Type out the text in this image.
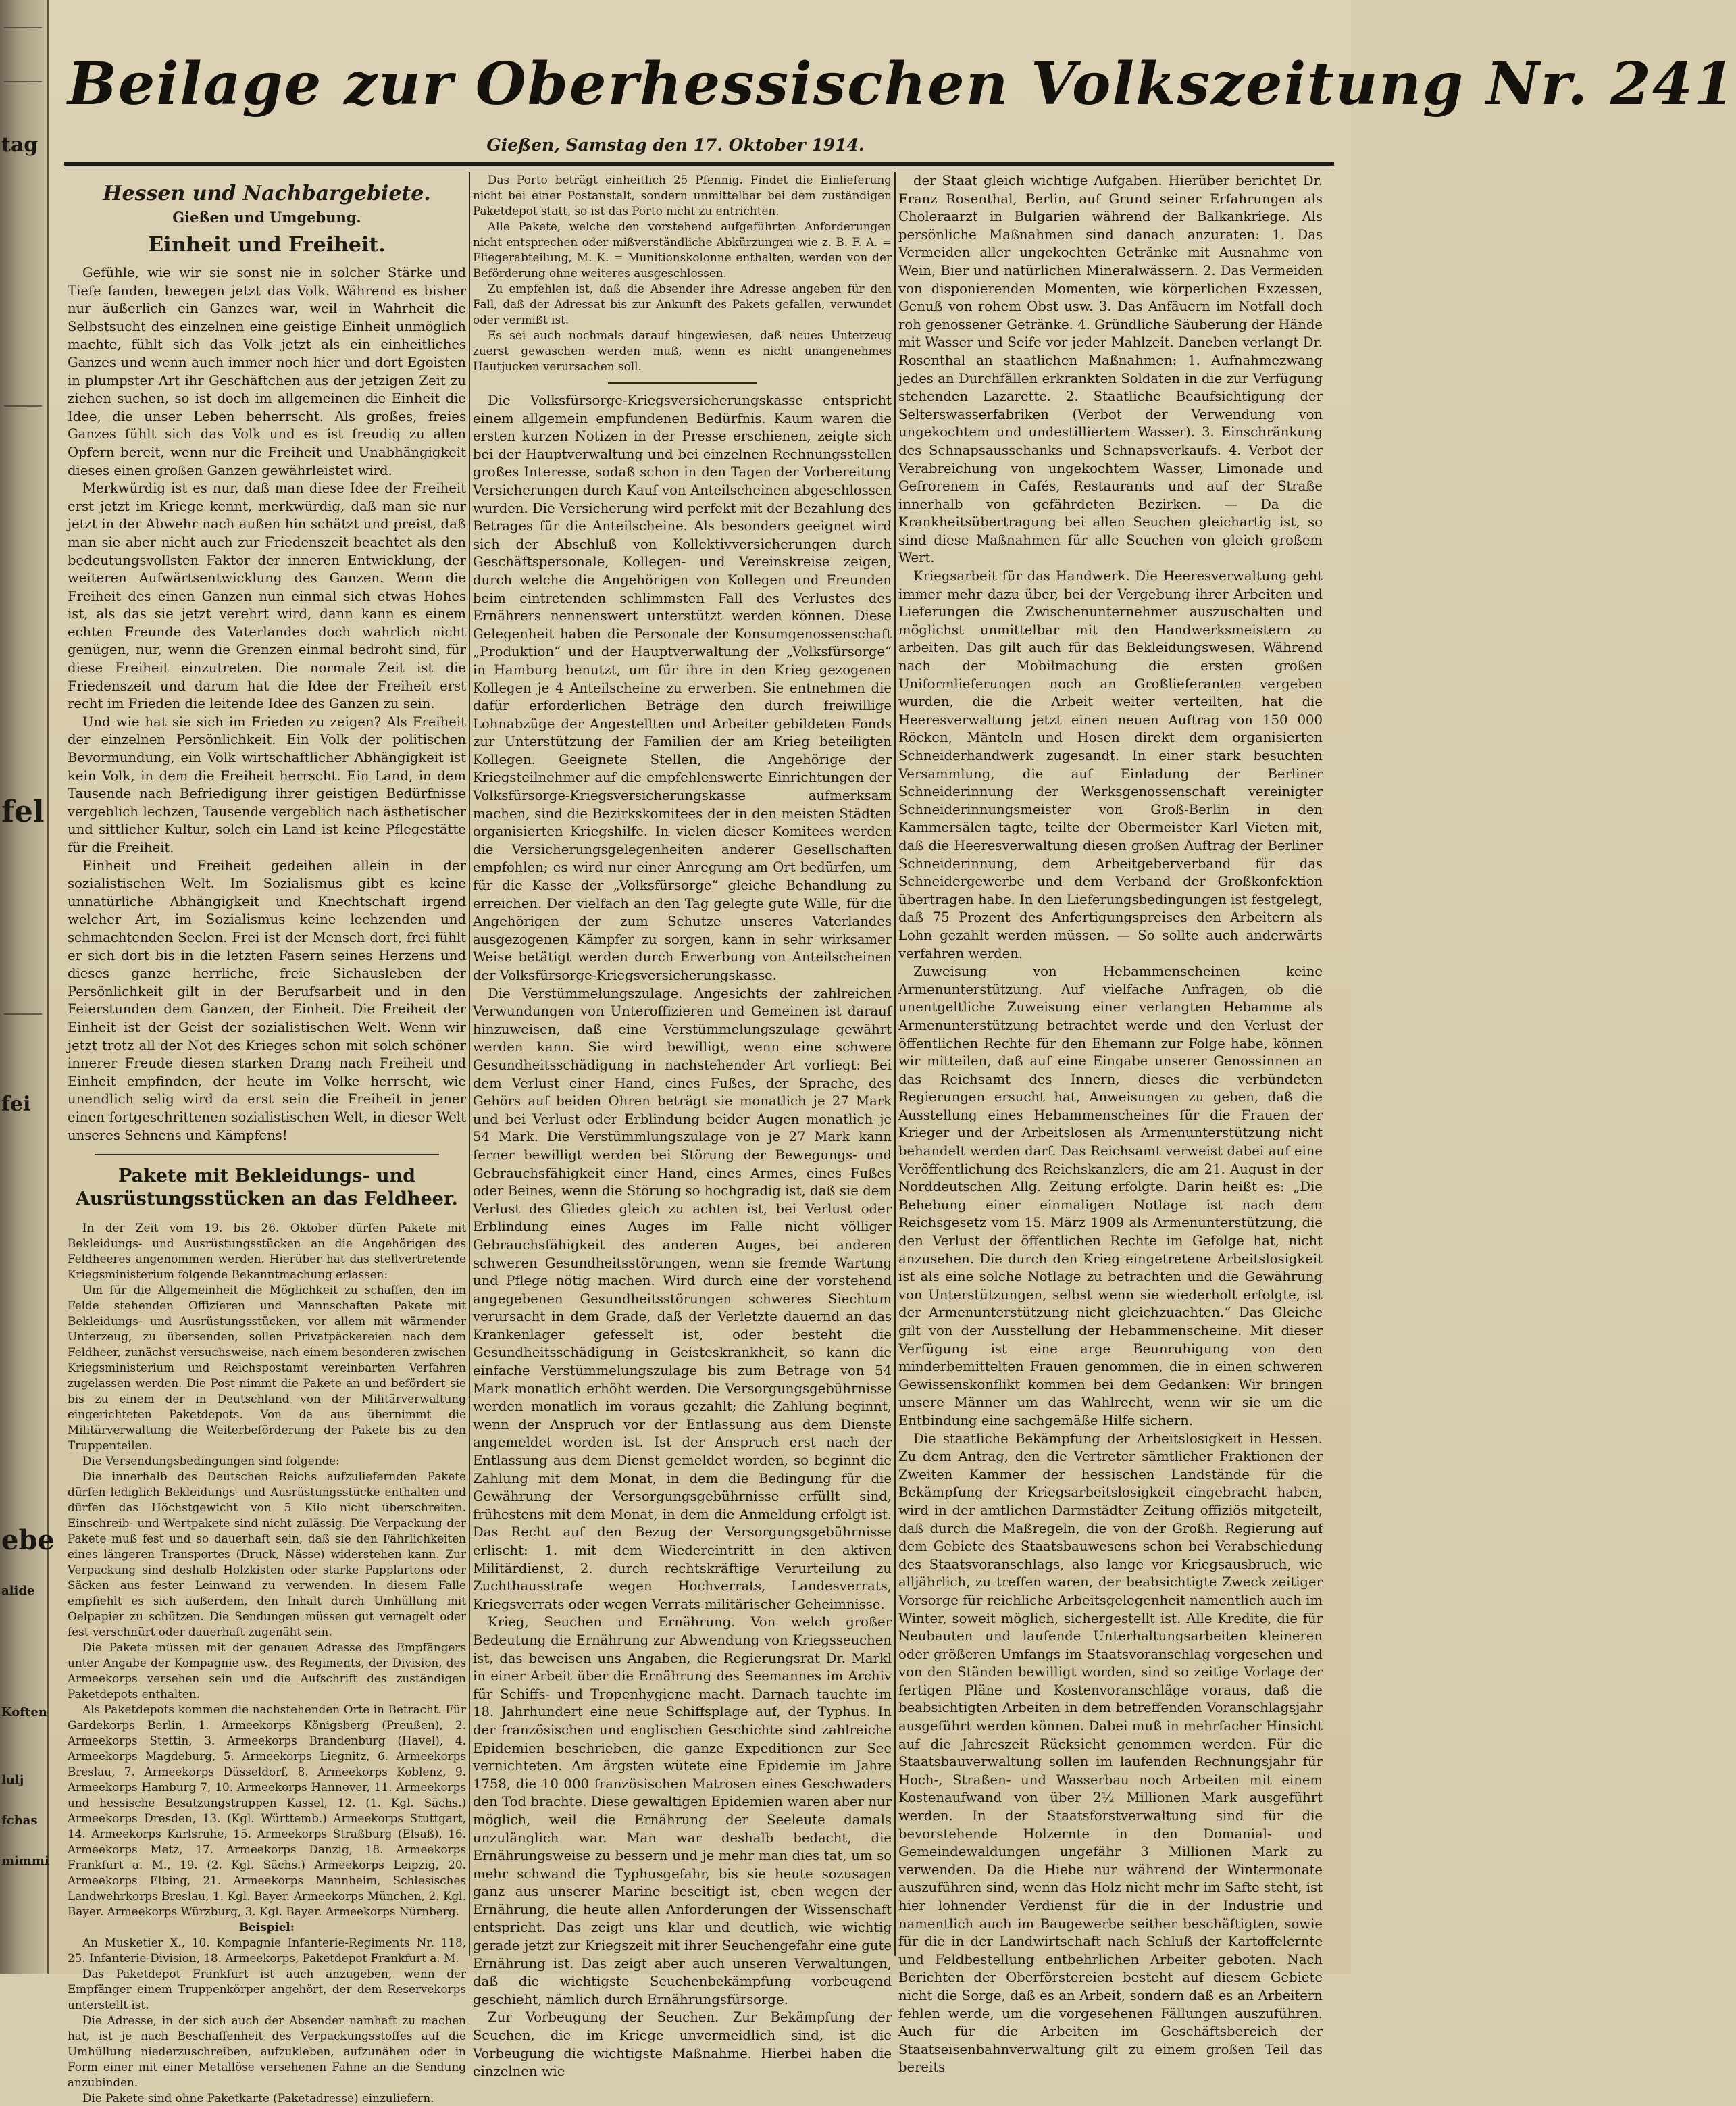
tag
fel
ebe
fei
alide
Koften
lulj
fchas
mimmi
Beilage zur Oberhessischen Volkszeitung Nr. 241
Gießen, Samstag den 17. Oktober 1914.
Hessen und Nachbargebiete.
Gießen und Umgebung.
Einheit und Freiheit.

Gefühle, wie wir sie sonst nie in solcher Stärke und Tiefe fanden, bewegen jetzt das Volk. Während es bisher nur äußerlich ein Ganzes war, weil in Wahrheit die Selbstsucht des einzelnen eine geistige Einheit unmöglich machte, fühlt sich das Volk jetzt als ein einheitliches Ganzes und wenn auch immer noch hier und dort Egoisten in plumpster Art ihr Geschäftchen aus der jetzigen Zeit zu ziehen suchen, so ist doch im allgemeinen die Einheit die Idee, die unser Leben beherrscht. Als großes, freies Ganzes fühlt sich das Volk und es ist freudig zu allen Opfern bereit, wenn nur die Freiheit und Unabhängigkeit dieses einen großen Ganzen gewährleistet wird.

Merkwürdig ist es nur, daß man diese Idee der Freiheit erst jetzt im Kriege kennt, merkwürdig, daß man sie nur jetzt in der Abwehr nach außen hin schätzt und preist, daß man sie aber nicht auch zur Friedenszeit beachtet als den bedeutungsvollsten Faktor der inneren Entwicklung, der weiteren Aufwärtsentwicklung des Ganzen. Wenn die Freiheit des einen Ganzen nun einmal sich etwas Hohes ist, als das sie jetzt verehrt wird, dann kann es einem echten Freunde des Vaterlandes doch wahrlich nicht genügen, nur, wenn die Grenzen einmal bedroht sind, für diese Freiheit einzutreten. Die normale Zeit ist die Friedenszeit und darum hat die Idee der Freiheit erst recht im Frieden die leitende Idee des Ganzen zu sein.

Und wie hat sie sich im Frieden zu zeigen? Als Freiheit der einzelnen Persönlichkeit. Ein Volk der politischen Bevormundung, ein Volk wirtschaftlicher Abhängigkeit ist kein Volk, in dem die Freiheit herrscht. Ein Land, in dem Tausende nach Befriedigung ihrer geistigen Bedürfnisse vergeblich lechzen, Tausende vergeblich nach ästhetischer und sittlicher Kultur, solch ein Land ist keine Pflegestätte für die Freiheit.

Einheit und Freiheit gedeihen allein in der sozialistischen Welt. Im Sozialismus gibt es keine unnatürliche Abhängigkeit und Knechtschaft irgend welcher Art, im Sozialismus keine lechzenden und schmachtenden Seelen. Frei ist der Mensch dort, frei fühlt er sich dort bis in die letzten Fasern seines Herzens und dieses ganze herrliche, freie Sichausleben der Persönlichkeit gilt in der Berufsarbeit und in den Feierstunden dem Ganzen, der Einheit. Die Freiheit der Einheit ist der Geist der sozialistischen Welt. Wenn wir jetzt trotz all der Not des Krieges schon mit solch schöner innerer Freude diesen starken Drang nach Freiheit und Einheit empfinden, der heute im Volke herrscht, wie unendlich selig wird da erst sein die Freiheit in jener einen fortgeschrittenen sozialistischen Welt, in dieser Welt unseres Sehnens und Kämpfens!

Pakete mit Bekleidungs- und Ausrüstungsstücken an das Feldheer.

In der Zeit vom 19. bis 26. Oktober dürfen Pakete mit Bekleidungs- und Ausrüstungsstücken an die Angehörigen des Feldheeres angenommen werden. Hierüber hat das stellvertretende Kriegsministerium folgende Bekanntmachung erlassen:

Um für die Allgemeinheit die Möglichkeit zu schaffen, den im Felde stehenden Offizieren und Mannschaften Pakete mit Bekleidungs- und Ausrüstungsstücken, vor allem mit wärmender Unterzeug, zu übersenden, sollen Privatpäckereien nach dem Feldheer, zunächst versuchsweise, nach einem besonderen zwischen Kriegsministerium und Reichspostamt vereinbarten Verfahren zugelassen werden. Die Post nimmt die Pakete an und befördert sie bis zu einem der in Deutschland von der Militärverwaltung eingerichteten Paketdepots. Von da aus übernimmt die Militärverwaltung die Weiterbeförderung der Pakete bis zu den Truppenteilen.

Die Versendungsbedingungen sind folgende:

Die innerhalb des Deutschen Reichs aufzuliefernden Pakete dürfen lediglich Bekleidungs- und Ausrüstungsstücke enthalten und dürfen das Höchstgewicht von 5 Kilo nicht überschreiten. Einschreib- und Wertpakete sind nicht zulässig. Die Verpackung der Pakete muß fest und so dauerhaft sein, daß sie den Fährlichkeiten eines längeren Transportes (Druck, Nässe) widerstehen kann. Zur Verpackung sind deshalb Holzkisten oder starke Papplartons oder Säcken aus fester Leinwand zu verwenden. In diesem Falle empfiehlt es sich außerdem, den Inhalt durch Umhüllung mit Oelpapier zu schützen. Die Sendungen müssen gut vernagelt oder fest verschnürt oder dauerhaft zugenäht sein.

Die Pakete müssen mit der genauen Adresse des Empfängers unter Angabe der Kompagnie usw., des Regiments, der Division, des Armeekorps versehen sein und die Aufschrift des zuständigen Paketdepots enthalten.

Als Paketdepots kommen die nachstehenden Orte in Betracht. Für Gardekorps Berlin, 1. Armeekorps Königsberg (Preußen), 2. Armeekorps Stettin, 3. Armeekorps Brandenburg (Havel), 4. Armeekorps Magdeburg, 5. Armeekorps Liegnitz, 6. Armeekorps Breslau, 7. Armeekorps Düsseldorf, 8. Armeekorps Koblenz, 9. Armeekorps Hamburg 7, 10. Armeekorps Hannover, 11. Armeekorps und hessische Besatzungstruppen Kassel, 12. (1. Kgl. Sächs.) Armeekorps Dresden, 13. (Kgl. Württemb.) Armeekorps Stuttgart, 14. Armeekorps Karlsruhe, 15. Armeekorps Straßburg (Elsaß), 16. Armeekorps Metz, 17. Armeekorps Danzig, 18. Armeekorps Frankfurt a. M., 19. (2. Kgl. Sächs.) Armeekorps Leipzig, 20. Armeekorps Elbing, 21. Armeekorps Mannheim, Schlesisches Landwehrkorps Breslau, 1. Kgl. Bayer. Armeekorps München, 2. Kgl. Bayer. Armeekorps Würzburg, 3. Kgl. Bayer. Armeekorps Nürnberg.

Beispiel:

An Musketier X., 10. Kompagnie Infanterie-Regiments Nr. 118, 25. Infanterie-Division, 18. Armeekorps, Paketdepot Frankfurt a. M.

Das Paketdepot Frankfurt ist auch anzugeben, wenn der Empfänger einem Truppenkörper angehört, der dem Reservekorps unterstellt ist.

Die Adresse, in der sich auch der Absender namhaft zu machen hat, ist je nach Beschaffenheit des Verpackungsstoffes auf die Umhüllung niederzuschreiben, aufzukleben, aufzunähen oder in Form einer mit einer Metallöse versehenen Fahne an die Sendung anzubinden.

Die Pakete sind ohne Paketkarte (Paketadresse) einzuliefern.

Das Porto beträgt einheitlich 25 Pfennig. Findet die Einlieferung nicht bei einer Postanstalt, sondern unmittelbar bei dem zuständigen Paketdepot statt, so ist das Porto nicht zu entrichten.

Alle Pakete, welche den vorstehend aufgeführten Anforderungen nicht entsprechen oder mißverständliche Abkürzungen wie z. B. F. A. = Fliegerabteilung, M. K. = Munitionskolonne enthalten, werden von der Beförderung ohne weiteres ausgeschlossen.

Zu empfehlen ist, daß die Absender ihre Adresse angeben für den Fall, daß der Adressat bis zur Ankunft des Pakets gefallen, verwundet oder vermißt ist.

Es sei auch nochmals darauf hingewiesen, daß neues Unterzeug zuerst gewaschen werden muß, wenn es nicht unangenehmes Hautjucken verursachen soll.

Die Volksfürsorge-Kriegsversicherungskasse entspricht einem allgemein empfundenen Bedürfnis. Kaum waren die ersten kurzen Notizen in der Presse erschienen, zeigte sich bei der Hauptverwaltung und bei einzelnen Rechnungsstellen großes Interesse, sodaß schon in den Tagen der Vorbereitung Versicherungen durch Kauf von Anteilscheinen abgeschlossen wurden. Die Versicherung wird perfekt mit der Bezahlung des Betrages für die Anteilscheine. Als besonders geeignet wird sich der Abschluß von Kollektivversicherungen durch Geschäftspersonale, Kollegen- und Vereinskreise zeigen, durch welche die Angehörigen von Kollegen und Freunden beim eintretenden schlimmsten Fall des Verlustes des Ernährers nennenswert unterstützt werden können. Diese Gelegenheit haben die Personale der Konsumgenossenschaft „Produktion“ und der Hauptverwaltung der „Volksfürsorge“ in Hamburg benutzt, um für ihre in den Krieg gezogenen Kollegen je 4 Anteilscheine zu erwerben. Sie entnehmen die dafür erforderlichen Beträge den durch freiwillige Lohnabzüge der Angestellten und Arbeiter gebildeten Fonds zur Unterstützung der Familien der am Krieg beteiligten Kollegen. Geeignete Stellen, die Angehörige der Kriegsteilnehmer auf die empfehlenswerte Einrichtungen der Volksfürsorge-Kriegsversicherungskasse aufmerksam machen, sind die Bezirkskomitees der in den meisten Städten organisierten Kriegshilfe. In vielen dieser Komitees werden die Versicherungsgelegenheiten anderer Gesellschaften empfohlen; es wird nur einer Anregung am Ort bedürfen, um für die Kasse der „Volksfürsorge“ gleiche Behandlung zu erreichen. Der vielfach an den Tag gelegte gute Wille, für die Angehörigen der zum Schutze unseres Vaterlandes ausgezogenen Kämpfer zu sorgen, kann in sehr wirksamer Weise betätigt werden durch Erwerbung von Anteilscheinen der Volksfürsorge-Kriegsversicherungskasse.

Die Verstümmelungszulage. Angesichts der zahlreichen Verwundungen von Unteroffizieren und Gemeinen ist darauf hinzuweisen, daß eine Verstümmelungszulage gewährt werden kann. Sie wird bewilligt, wenn eine schwere Gesundheitsschädigung in nachstehender Art vorliegt: Bei dem Verlust einer Hand, eines Fußes, der Sprache, des Gehörs auf beiden Ohren beträgt sie monatlich je 27 Mark und bei Verlust oder Erblindung beider Augen monatlich je 54 Mark. Die Verstümmlungszulage von je 27 Mark kann ferner bewilligt werden bei Störung der Bewegungs- und Gebrauchsfähigkeit einer Hand, eines Armes, eines Fußes oder Beines, wenn die Störung so hochgradig ist, daß sie dem Verlust des Gliedes gleich zu achten ist, bei Verlust oder Erblindung eines Auges im Falle nicht völliger Gebrauchsfähigkeit des anderen Auges, bei anderen schweren Gesundheitsstörungen, wenn sie fremde Wartung und Pflege nötig machen. Wird durch eine der vorstehend angegebenen Gesundheitsstörungen schweres Siechtum verursacht in dem Grade, daß der Verletzte dauernd an das Krankenlager gefesselt ist, oder besteht die Gesundheitsschädigung in Geisteskrankheit, so kann die einfache Verstümmelungszulage bis zum Betrage von 54 Mark monatlich erhöht werden. Die Versorgungsgebührnisse werden monatlich im voraus gezahlt; die Zahlung beginnt, wenn der Anspruch vor der Entlassung aus dem Dienste angemeldet worden ist. Ist der Anspruch erst nach der Entlassung aus dem Dienst gemeldet worden, so beginnt die Zahlung mit dem Monat, in dem die Bedingung für die Gewährung der Versorgungsgebührnisse erfüllt sind, frühestens mit dem Monat, in dem die Anmeldung erfolgt ist. Das Recht auf den Bezug der Versorgungsgebührnisse erlischt: 1. mit dem Wiedereintritt in den aktiven Militärdienst, 2. durch rechtskräftige Verurteilung zu Zuchthausstrafe wegen Hochverrats, Landesverrats, Kriegsverrats oder wegen Verrats militärischer Geheimnisse.

Krieg, Seuchen und Ernährung. Von welch großer Bedeutung die Ernährung zur Abwendung von Kriegsseuchen ist, das beweisen uns Angaben, die Regierungsrat Dr. Markl in einer Arbeit über die Ernährung des Seemannes im Archiv für Schiffs- und Tropenhygiene macht. Darnach tauchte im 18. Jahrhundert eine neue Schiffsplage auf, der Typhus. In der französischen und englischen Geschichte sind zahlreiche Epidemien beschrieben, die ganze Expeditionen zur See vernichteten. Am ärgsten wütete eine Epidemie im Jahre 1758, die 10 000 französischen Matrosen eines Geschwaders den Tod brachte. Diese gewaltigen Epidemien waren aber nur möglich, weil die Ernährung der Seeleute damals unzulänglich war. Man war deshalb bedacht, die Ernährungsweise zu bessern und je mehr man dies tat, um so mehr schwand die Typhusgefahr, bis sie heute sozusagen ganz aus unserer Marine beseitigt ist, eben wegen der Ernährung, die heute allen Anforderungen der Wissenschaft entspricht. Das zeigt uns klar und deutlich, wie wichtig gerade jetzt zur Kriegszeit mit ihrer Seuchengefahr eine gute Ernährung ist. Das zeigt aber auch unseren Verwaltungen, daß die wichtigste Seuchenbekämpfung vorbeugend geschieht, nämlich durch Ernährungsfürsorge.

Zur Vorbeugung der Seuchen. Zur Bekämpfung der Seuchen, die im Kriege unvermeidlich sind, ist die Vorbeugung die wichtigste Maßnahme. Hierbei haben die einzelnen wie

der Staat gleich wichtige Aufgaben. Hierüber berichtet Dr. Franz Rosenthal, Berlin, auf Grund seiner Erfahrungen als Choleraarzt in Bulgarien während der Balkankriege. Als persönliche Maßnahmen sind danach anzuraten: 1. Das Vermeiden aller ungekochten Getränke mit Ausnahme von Wein, Bier und natürlichen Mineralwässern. 2. Das Vermeiden von disponierenden Momenten, wie körperlichen Exzessen, Genuß von rohem Obst usw. 3. Das Anfäuern im Notfall doch roh genossener Getränke. 4. Gründliche Säuberung der Hände mit Wasser und Seife vor jeder Mahlzeit. Daneben verlangt Dr. Rosenthal an staatlichen Maßnahmen: 1. Aufnahmezwang jedes an Durchfällen erkrankten Soldaten in die zur Verfügung stehenden Lazarette. 2. Staatliche Beaufsichtigung der Selterswasserfabriken (Verbot der Verwendung von ungekochtem und undestilliertem Wasser). 3. Einschränkung des Schnapsausschanks und Schnapsverkaufs. 4. Verbot der Verabreichung von ungekochtem Wasser, Limonade und Gefrorenem in Cafés, Restaurants und auf der Straße innerhalb von gefährdeten Bezirken. — Da die Krankheitsübertragung bei allen Seuchen gleichartig ist, so sind diese Maßnahmen für alle Seuchen von gleich großem Wert.

Kriegsarbeit für das Handwerk. Die Heeresverwaltung geht immer mehr dazu über, bei der Vergebung ihrer Arbeiten und Lieferungen die Zwischenunternehmer auszuschalten und möglichst unmittelbar mit den Handwerksmeistern zu arbeiten. Das gilt auch für das Bekleidungswesen. Während nach der Mobilmachung die ersten großen Uniformlieferungen noch an Großlieferanten vergeben wurden, die die Arbeit weiter verteilten, hat die Heeresverwaltung jetzt einen neuen Auftrag von 150 000 Röcken, Mänteln und Hosen direkt dem organisierten Schneiderhandwerk zugesandt. In einer stark besuchten Versammlung, die auf Einladung der Berliner Schneiderinnung der Werksgenossenschaft vereinigter Schneiderinnungsmeister von Groß-Berlin in den Kammersälen tagte, teilte der Obermeister Karl Vieten mit, daß die Heeresverwaltung diesen großen Auftrag der Berliner Schneiderinnung, dem Arbeitgeberverband für das Schneidergewerbe und dem Verband der Großkonfektion übertragen habe. In den Lieferungsbedingungen ist festgelegt, daß 75 Prozent des Anfertigungspreises den Arbeitern als Lohn gezahlt werden müssen. — So sollte auch anderwärts verfahren werden.

Zuweisung von Hebammenscheinen keine Armenunterstützung. Auf vielfache Anfragen, ob die unentgeltliche Zuweisung einer verlangten Hebamme als Armenunterstützung betrachtet werde und den Verlust der öffentlichen Rechte für den Ehemann zur Folge habe, können wir mitteilen, daß auf eine Eingabe unserer Genossinnen an das Reichsamt des Innern, dieses die verbündeten Regierungen ersucht hat, Anweisungen zu geben, daß die Ausstellung eines Hebammenscheines für die Frauen der Krieger und der Arbeitslosen als Armenunterstützung nicht behandelt werden darf. Das Reichsamt verweist dabei auf eine Veröffentlichung des Reichskanzlers, die am 21. August in der Norddeutschen Allg. Zeitung erfolgte. Darin heißt es: „Die Behebung einer einmaligen Notlage ist nach dem Reichsgesetz vom 15. März 1909 als Armenunterstützung, die den Verlust der öffentlichen Rechte im Gefolge hat, nicht anzusehen. Die durch den Krieg eingetretene Arbeitslosigkeit ist als eine solche Notlage zu betrachten und die Gewährung von Unterstützungen, selbst wenn sie wiederholt erfolgte, ist der Armenunterstützung nicht gleichzuachten.“ Das Gleiche gilt von der Ausstellung der Hebammenscheine. Mit dieser Verfügung ist eine arge Beunruhigung von den minderbemittelten Frauen genommen, die in einen schweren Gewissenskonflikt kommen bei dem Gedanken: Wir bringen unsere Männer um das Wahlrecht, wenn wir sie um die Entbindung eine sachgemäße Hilfe sichern.

Die staatliche Bekämpfung der Arbeitslosigkeit in Hessen. Zu dem Antrag, den die Vertreter sämtlicher Fraktionen der Zweiten Kammer der hessischen Landstände für die Bekämpfung der Kriegsarbeitslosigkeit eingebracht haben, wird in der amtlichen Darmstädter Zeitung offiziös mitgeteilt, daß durch die Maßregeln, die von der Großh. Regierung auf dem Gebiete des Staatsbauwesens schon bei Verabschiedung des Staatsvoranschlags, also lange vor Kriegsausbruch, wie alljährlich, zu treffen waren, der beabsichtigte Zweck zeitiger Vorsorge für reichliche Arbeitsgelegenheit namentlich auch im Winter, soweit möglich, sichergestellt ist. Alle Kredite, die für Neubauten und laufende Unterhaltungsarbeiten kleineren oder größeren Umfangs im Staatsvoranschlag vorgesehen und von den Ständen bewilligt worden, sind so zeitige Vorlage der fertigen Pläne und Kostenvoranschläge voraus, daß die beabsichtigten Arbeiten in dem betreffenden Voranschlagsjahr ausgeführt werden können. Dabei muß in mehrfacher Hinsicht auf die Jahreszeit Rücksicht genommen werden. Für die Staatsbauverwaltung sollen im laufenden Rechnungsjahr für Hoch-, Straßen- und Wasserbau noch Arbeiten mit einem Kostenaufwand von über 2½ Millionen Mark ausgeführt werden. In der Staatsforstverwaltung sind für die bevorstehende Holzernte in den Domanial- und Gemeindewaldungen ungefähr 3 Millionen Mark zu verwenden. Da die Hiebe nur während der Wintermonate auszuführen sind, wenn das Holz nicht mehr im Safte steht, ist hier lohnender Verdienst für die in der Industrie und namentlich auch im Baugewerbe seither beschäftigten, sowie für die in der Landwirtschaft nach Schluß der Kartoffelernte und Feldbestellung entbehrlichen Arbeiter geboten. Nach Berichten der Oberförstereien besteht auf diesem Gebiete nicht die Sorge, daß es an Arbeit, sondern daß es an Arbeitern fehlen werde, um die vorgesehenen Fällungen auszuführen. Auch für die Arbeiten im Geschäftsbereich der Staatseisenbahnverwaltung gilt zu einem großen Teil das bereits
